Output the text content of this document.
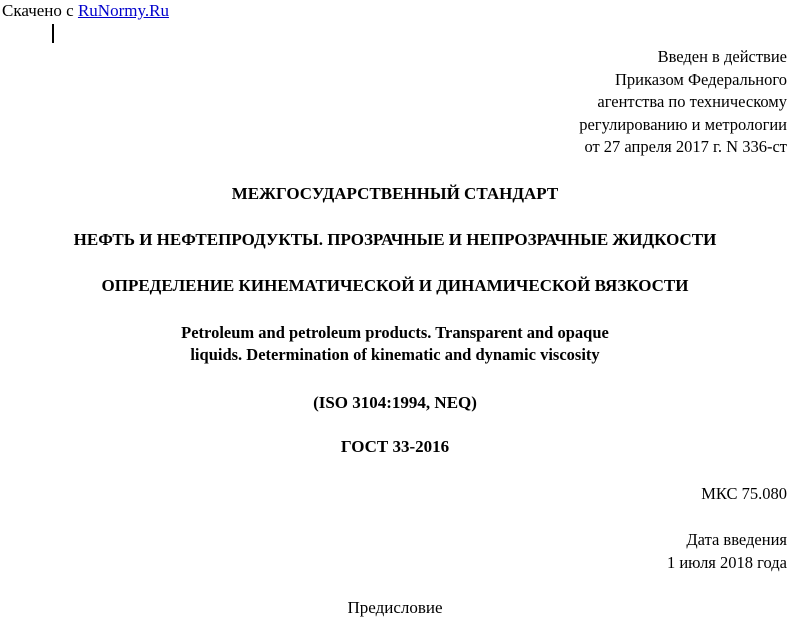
Скачено с RuNormy.Ru
Введен в действие
Приказом Федерального
агентства по техническому
регулированию и метрологии
от 27 апреля 2017 г. N 336-ст
МЕЖГОСУДАРСТВЕННЫЙ СТАНДАРТ
НЕФТЬ И НЕФТЕПРОДУКТЫ. ПРОЗРАЧНЫЕ И НЕПРОЗРАЧНЫЕ ЖИДКОСТИ
ОПРЕДЕЛЕНИЕ КИНЕМАТИЧЕСКОЙ И ДИНАМИЧЕСКОЙ ВЯЗКОСТИ
Petroleum and petroleum products. Transparent and opaque
liquids. Determination of kinematic and dynamic viscosity
(ISO 3104:1994, NEQ)
ГОСТ 33-2016
МКС 75.080
Дата введения
1 июля 2018 года
Предисловие
